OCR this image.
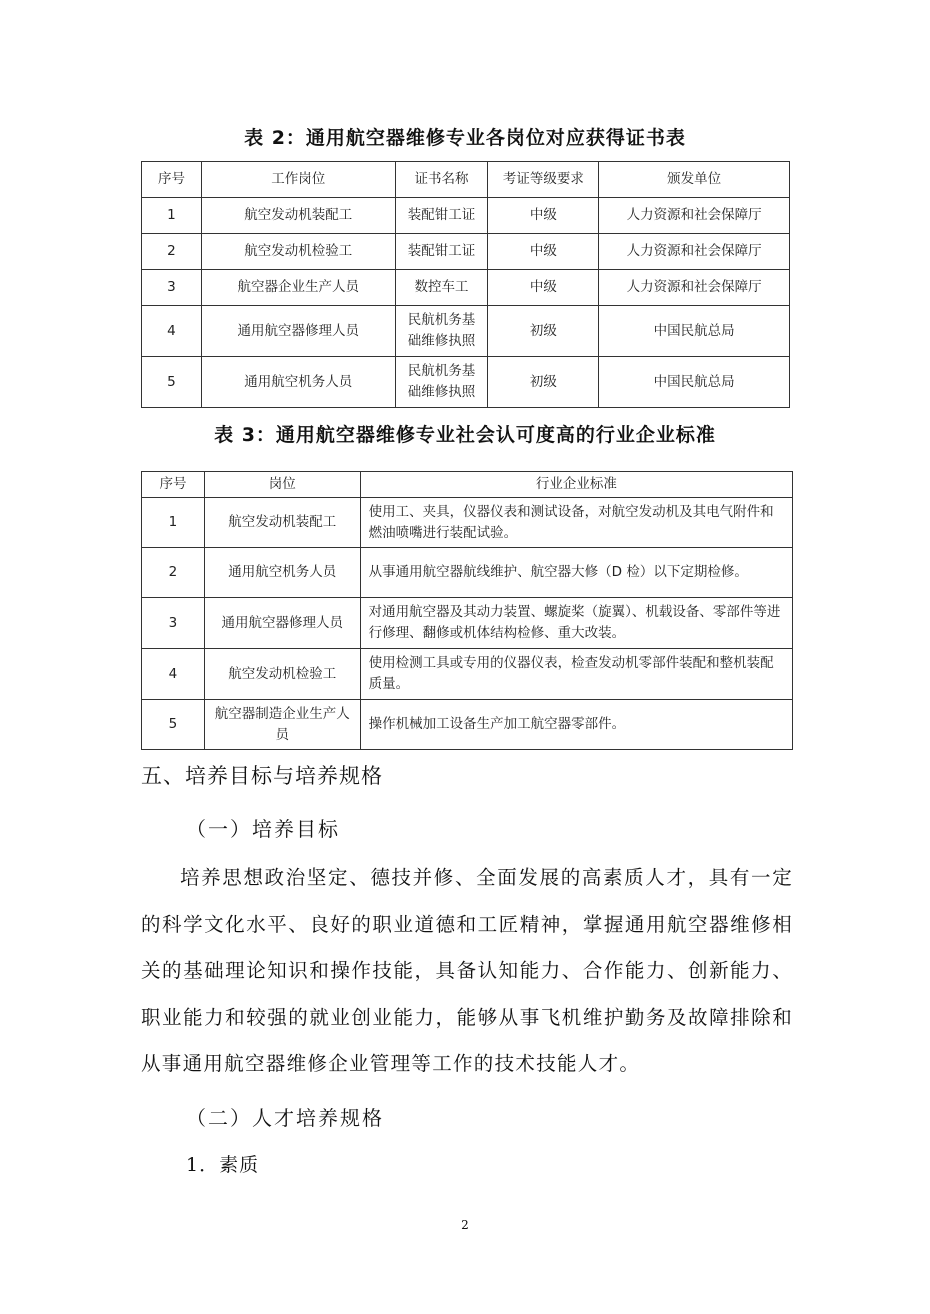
表 2：通用航空器维修专业各岗位对应获得证书表
序号	工作岗位	证书名称	考证等级要求	颁发单位
1	航空发动机装配工	装配钳工证	中级	人力资源和社会保障厅
2	航空发动机检验工	装配钳工证	中级	人力资源和社会保障厅
3	航空器企业生产人员	数控车工	中级	人力资源和社会保障厅
4	通用航空器修理人员	民航机务基础维修执照	初级	中国民航总局
5	通用航空机务人员	民航机务基础维修执照	初级	中国民航总局
表 3：通用航空器维修专业社会认可度高的行业企业标准
序号	岗位	行业企业标准
1	航空发动机装配工	使用工、夹具，仪器仪表和测试设备，对航空发动机及其电气附件和燃油喷嘴进行装配试验。
2	通用航空机务人员	从事通用航空器航线维护、航空器大修（D 检）以下定期检修。
3	通用航空器修理人员	对通用航空器及其动力装置、螺旋桨（旋翼）、机载设备、零部件等进行修理、翻修或机体结构检修、重大改装。
4	航空发动机检验工	使用检测工具或专用的仪器仪表，检查发动机零部件装配和整机装配质量。
5	航空器制造企业生产人员	操作机械加工设备生产加工航空器零部件。
五、培养目标与培养规格
（一）培养目标
培养思想政治坚定、德技并修、全面发展的高素质人才，具有一定的科学文化水平、良好的职业道德和工匠精神，掌握通用航空器维修相关的基础理论知识和操作技能，具备认知能力、合作能力、创新能力、职业能力和较强的就业创业能力，能够从事飞机维护勤务及故障排除和从事通用航空器维修企业管理等工作的技术技能人才。
（二）人才培养规格
1．素质
2
